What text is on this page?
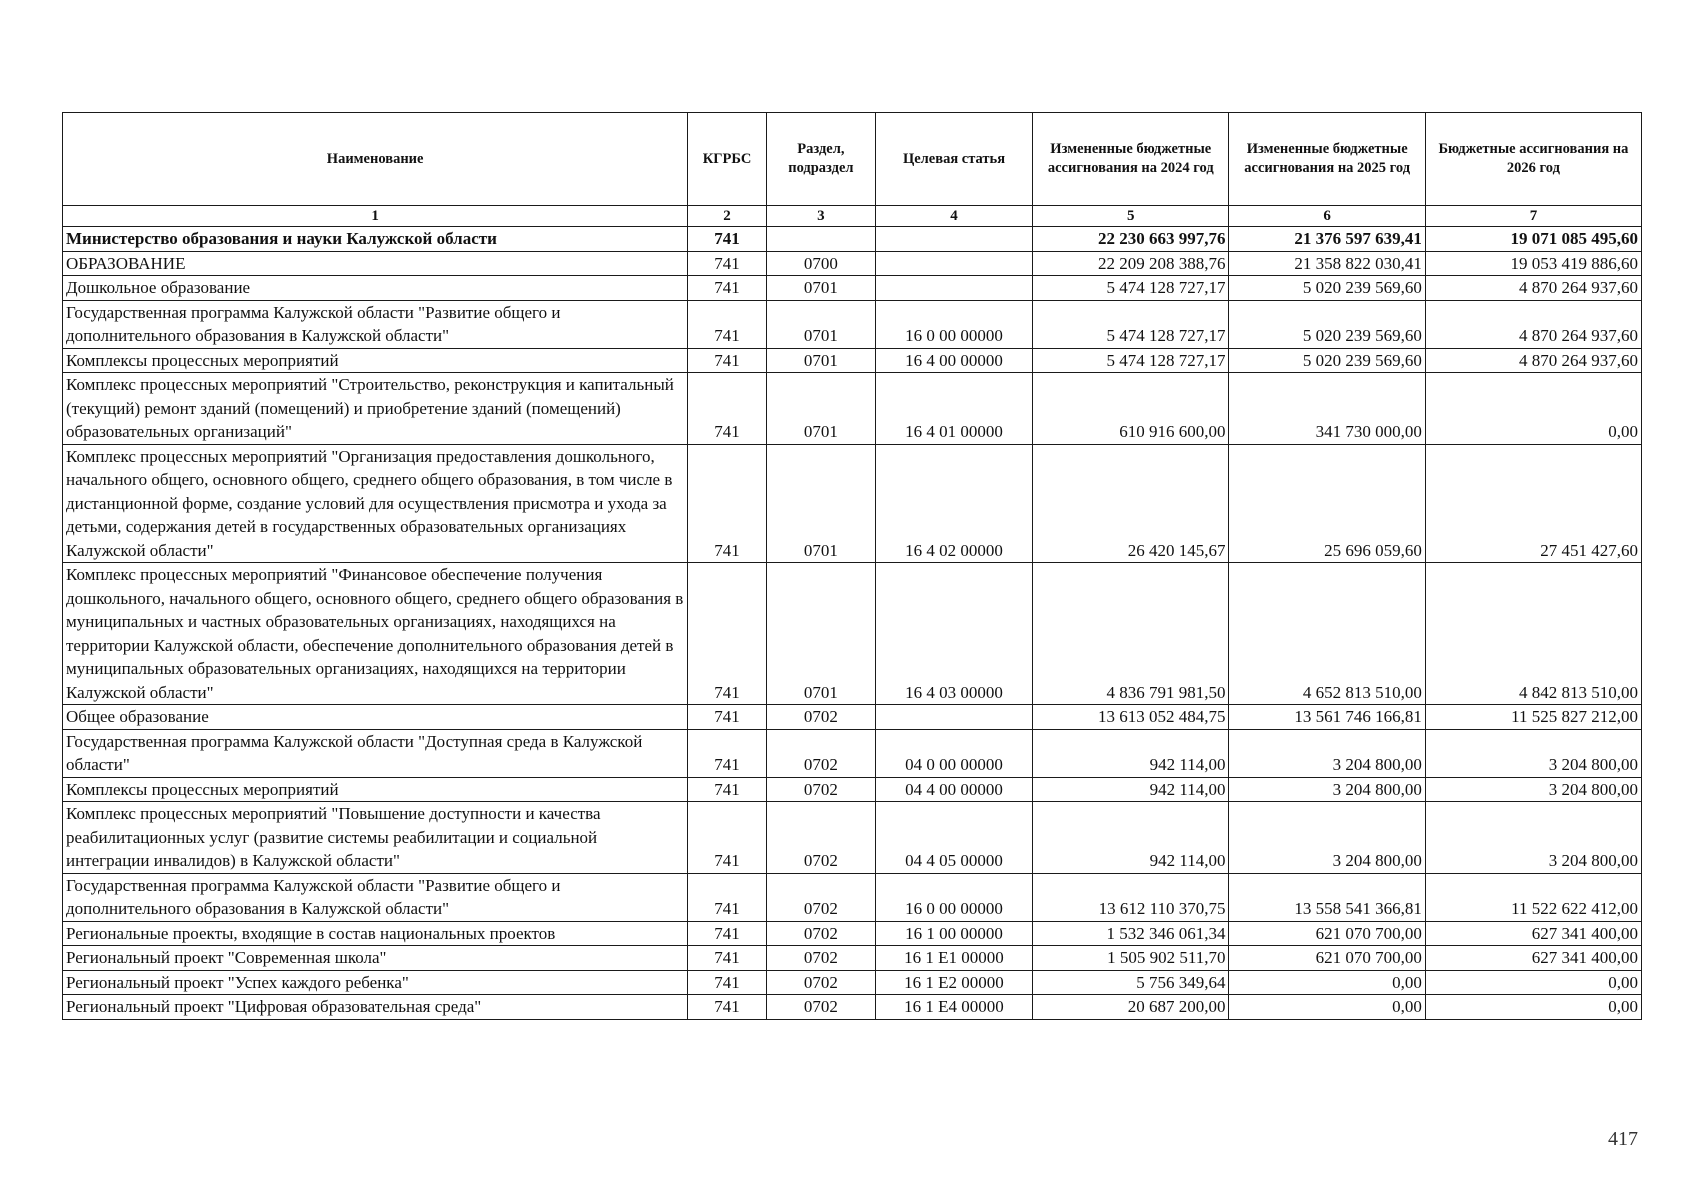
Наименование	КГРБС	Раздел, подраздел	Целевая статья	Измененные бюджетные ассигнования на 2024 год	Измененные бюджетные ассигнования на 2025 год	Бюджетные ассигнования на 2026 год
1	2	3	4	5	6	7
Министерство образования и науки Калужской области	741			22 230 663 997,76	21 376 597 639,41	19 071 085 495,60
ОБРАЗОВАНИЕ	741	0700		22 209 208 388,76	21 358 822 030,41	19 053 419 886,60
Дошкольное образование	741	0701		5 474 128 727,17	5 020 239 569,60	4 870 264 937,60
Государственная программа Калужской области "Развитие общего и дополнительного образования в Калужской области"	741	0701	16 0 00 00000	5 474 128 727,17	5 020 239 569,60	4 870 264 937,60
Комплексы процессных мероприятий	741	0701	16 4 00 00000	5 474 128 727,17	5 020 239 569,60	4 870 264 937,60
Комплекс процессных мероприятий "Строительство, реконструкция и капитальный (текущий) ремонт зданий (помещений) и приобретение зданий (помещений) образовательных организаций"	741	0701	16 4 01 00000	610 916 600,00	341 730 000,00	0,00
Комплекс процессных мероприятий "Организация предоставления дошкольного, начального общего, основного общего, среднего общего образования, в том числе в дистанционной форме, создание условий для осуществления присмотра и ухода за детьми, содержания детей в государственных образовательных организациях Калужской области"	741	0701	16 4 02 00000	26 420 145,67	25 696 059,60	27 451 427,60
Комплекс процессных мероприятий "Финансовое обеспечение получения дошкольного, начального общего, основного общего, среднего общего образования в муниципальных и частных образовательных организациях, находящихся на территории Калужской области, обеспечение дополнительного образования детей в муниципальных образовательных организациях, находящихся на территории Калужской области"	741	0701	16 4 03 00000	4 836 791 981,50	4 652 813 510,00	4 842 813 510,00
Общее образование	741	0702		13 613 052 484,75	13 561 746 166,81	11 525 827 212,00
Государственная программа Калужской области "Доступная среда в Калужской области"	741	0702	04 0 00 00000	942 114,00	3 204 800,00	3 204 800,00
Комплексы процессных мероприятий	741	0702	04 4 00 00000	942 114,00	3 204 800,00	3 204 800,00
Комплекс процессных мероприятий "Повышение доступности и качества реабилитационных услуг (развитие системы реабилитации и социальной интеграции инвалидов) в Калужской области"	741	0702	04 4 05 00000	942 114,00	3 204 800,00	3 204 800,00
Государственная программа Калужской области "Развитие общего и дополнительного образования в Калужской области"	741	0702	16 0 00 00000	13 612 110 370,75	13 558 541 366,81	11 522 622 412,00
Региональные проекты, входящие в состав национальных проектов	741	0702	16 1 00 00000	1 532 346 061,34	621 070 700,00	627 341 400,00
Региональный проект "Современная школа"	741	0702	16 1 E1 00000	1 505 902 511,70	621 070 700,00	627 341 400,00
Региональный проект "Успех каждого ребенка"	741	0702	16 1 E2 00000	5 756 349,64	0,00	0,00
Региональный проект "Цифровая образовательная среда"	741	0702	16 1 E4 00000	20 687 200,00	0,00	0,00
417
